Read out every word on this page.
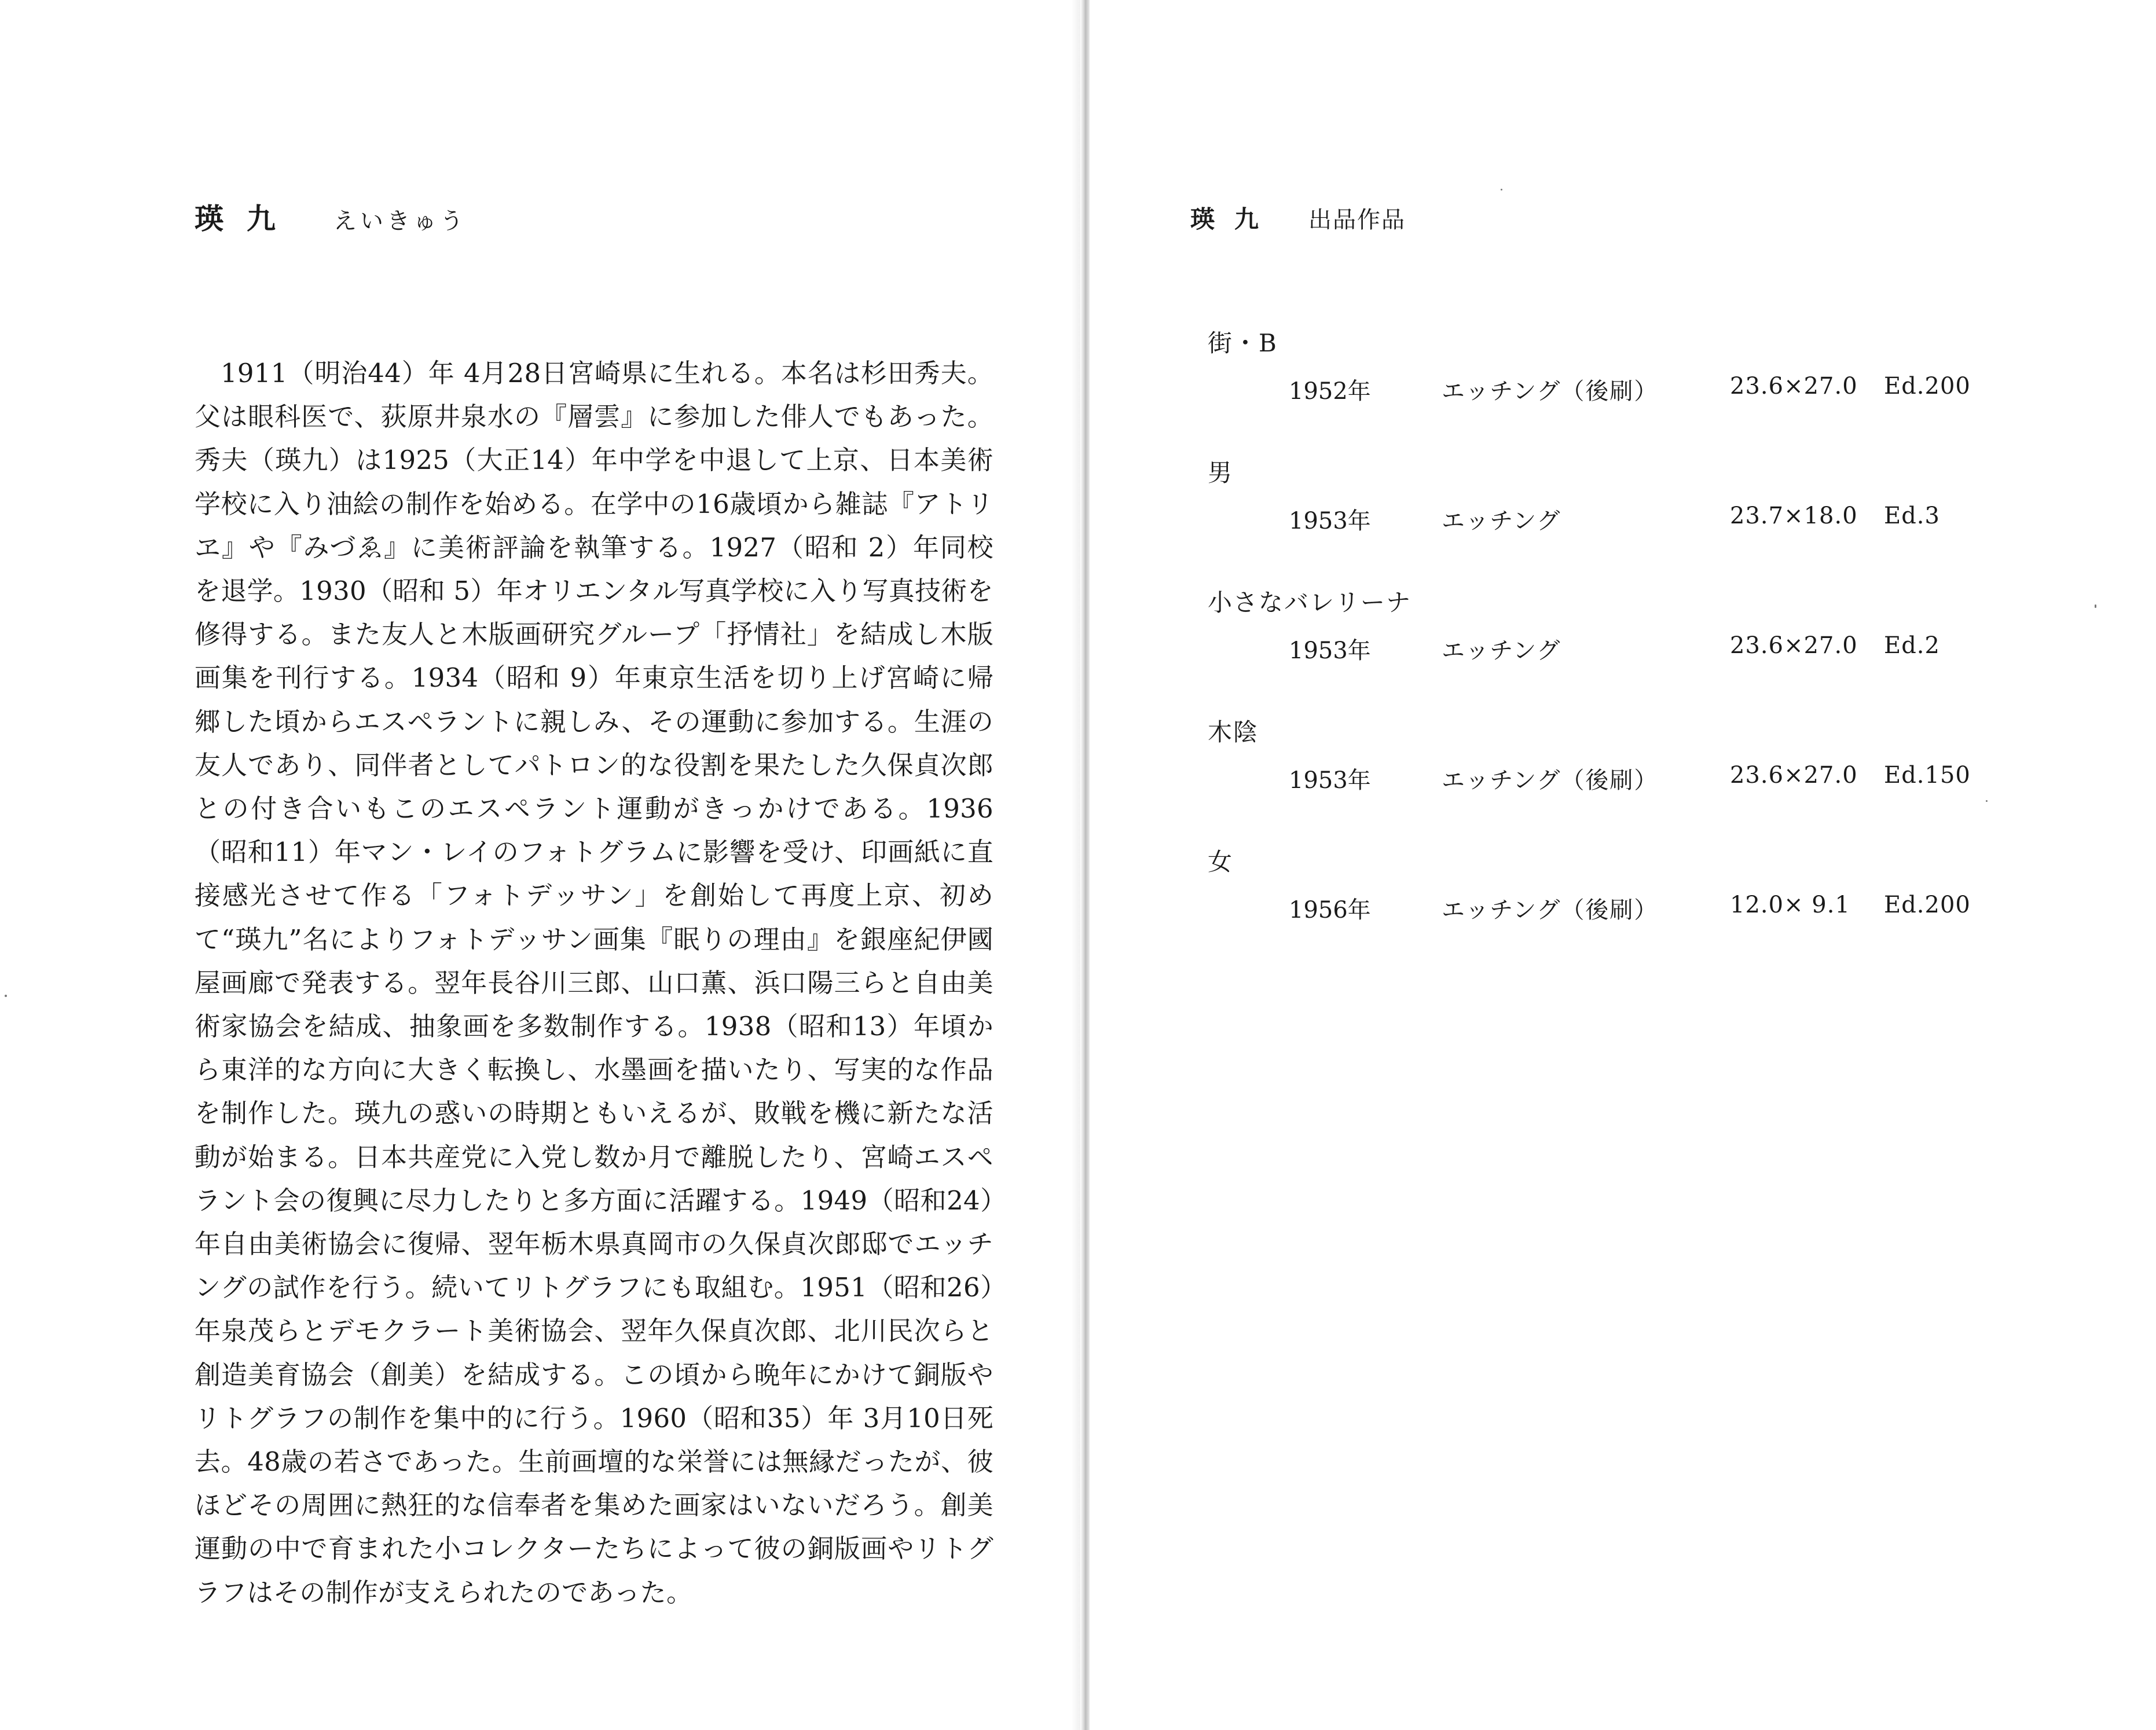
瑛九 えいきゅう

1911（明治44）年 4月28日宮崎県に生れる。本名は杉田秀夫。父は眼科医で、荻原井泉水の『層雲』に参加した俳人でもあった。秀夫（瑛九）は1925（大正14）年中学を中退して上京、日本美術学校に入り油絵の制作を始める。在学中の16歳頃から雑誌『アトリヱ』や『みづゑ』に美術評論を執筆する。1927（昭和 2）年同校を退学。1930（昭和 5）年オリエンタル写真学校に入り写真技術を修得する。また友人と木版画研究グループ「抒情社」を結成し木版画集を刊行する。1934（昭和 9）年東京生活を切り上げ宮崎に帰郷した頃からエスペラントに親しみ、その運動に参加する。生涯の友人であり、同伴者としてパトロン的な役割を果たした久保貞次郎との付き合いもこのエスペラント運動がきっかけである。1936（昭和11）年マン・レイのフォトグラムに影響を受け、印画紙に直接感光させて作る「フォトデッサン」を創始して再度上京、初めて“瑛九”名によりフォトデッサン画集『眠りの理由』を銀座紀伊國屋画廊で発表する。翌年長谷川三郎、山口薫、浜口陽三らと自由美術家協会を結成、抽象画を多数制作する。1938（昭和13）年頃から東洋的な方向に大きく転換し、水墨画を描いたり、写実的な作品を制作した。瑛九の惑いの時期ともいえるが、敗戦を機に新たな活動が始まる。日本共産党に入党し数か月で離脱したり、宮崎エスペラント会の復興に尽力したりと多方面に活躍する。1949（昭和24）年自由美術協会に復帰、翌年栃木県真岡市の久保貞次郎邸でエッチングの試作を行う。続いてリトグラフにも取組む。1951（昭和26）年泉茂らとデモクラート美術協会、翌年久保貞次郎、北川民次らと創造美育協会（創美）を結成する。この頃から晩年にかけて銅版やリトグラフの制作を集中的に行う。1960（昭和35）年 3月10日死去。48歳の若さであった。生前画壇的な栄誉には無縁だったが、彼ほどその周囲に熱狂的な信奉者を集めた画家はいないだろう。創美運動の中で育まれた小コレクターたちによって彼の銅版画やリトグラフはその制作が支えられたのであった。

瑛九 出品作品
街・B
1952年	エッチング（後刷）	23.6×27.0 Ed.200
男
1953年	エッチング	23.7×18.0 Ed.3
小さなバレリーナ
1953年	エッチング	23.6×27.0 Ed.2
木陰
1953年	エッチング（後刷）	23.6×27.0 Ed.150
女
1956年	エッチング（後刷）	12.0× 9.1 Ed.200
